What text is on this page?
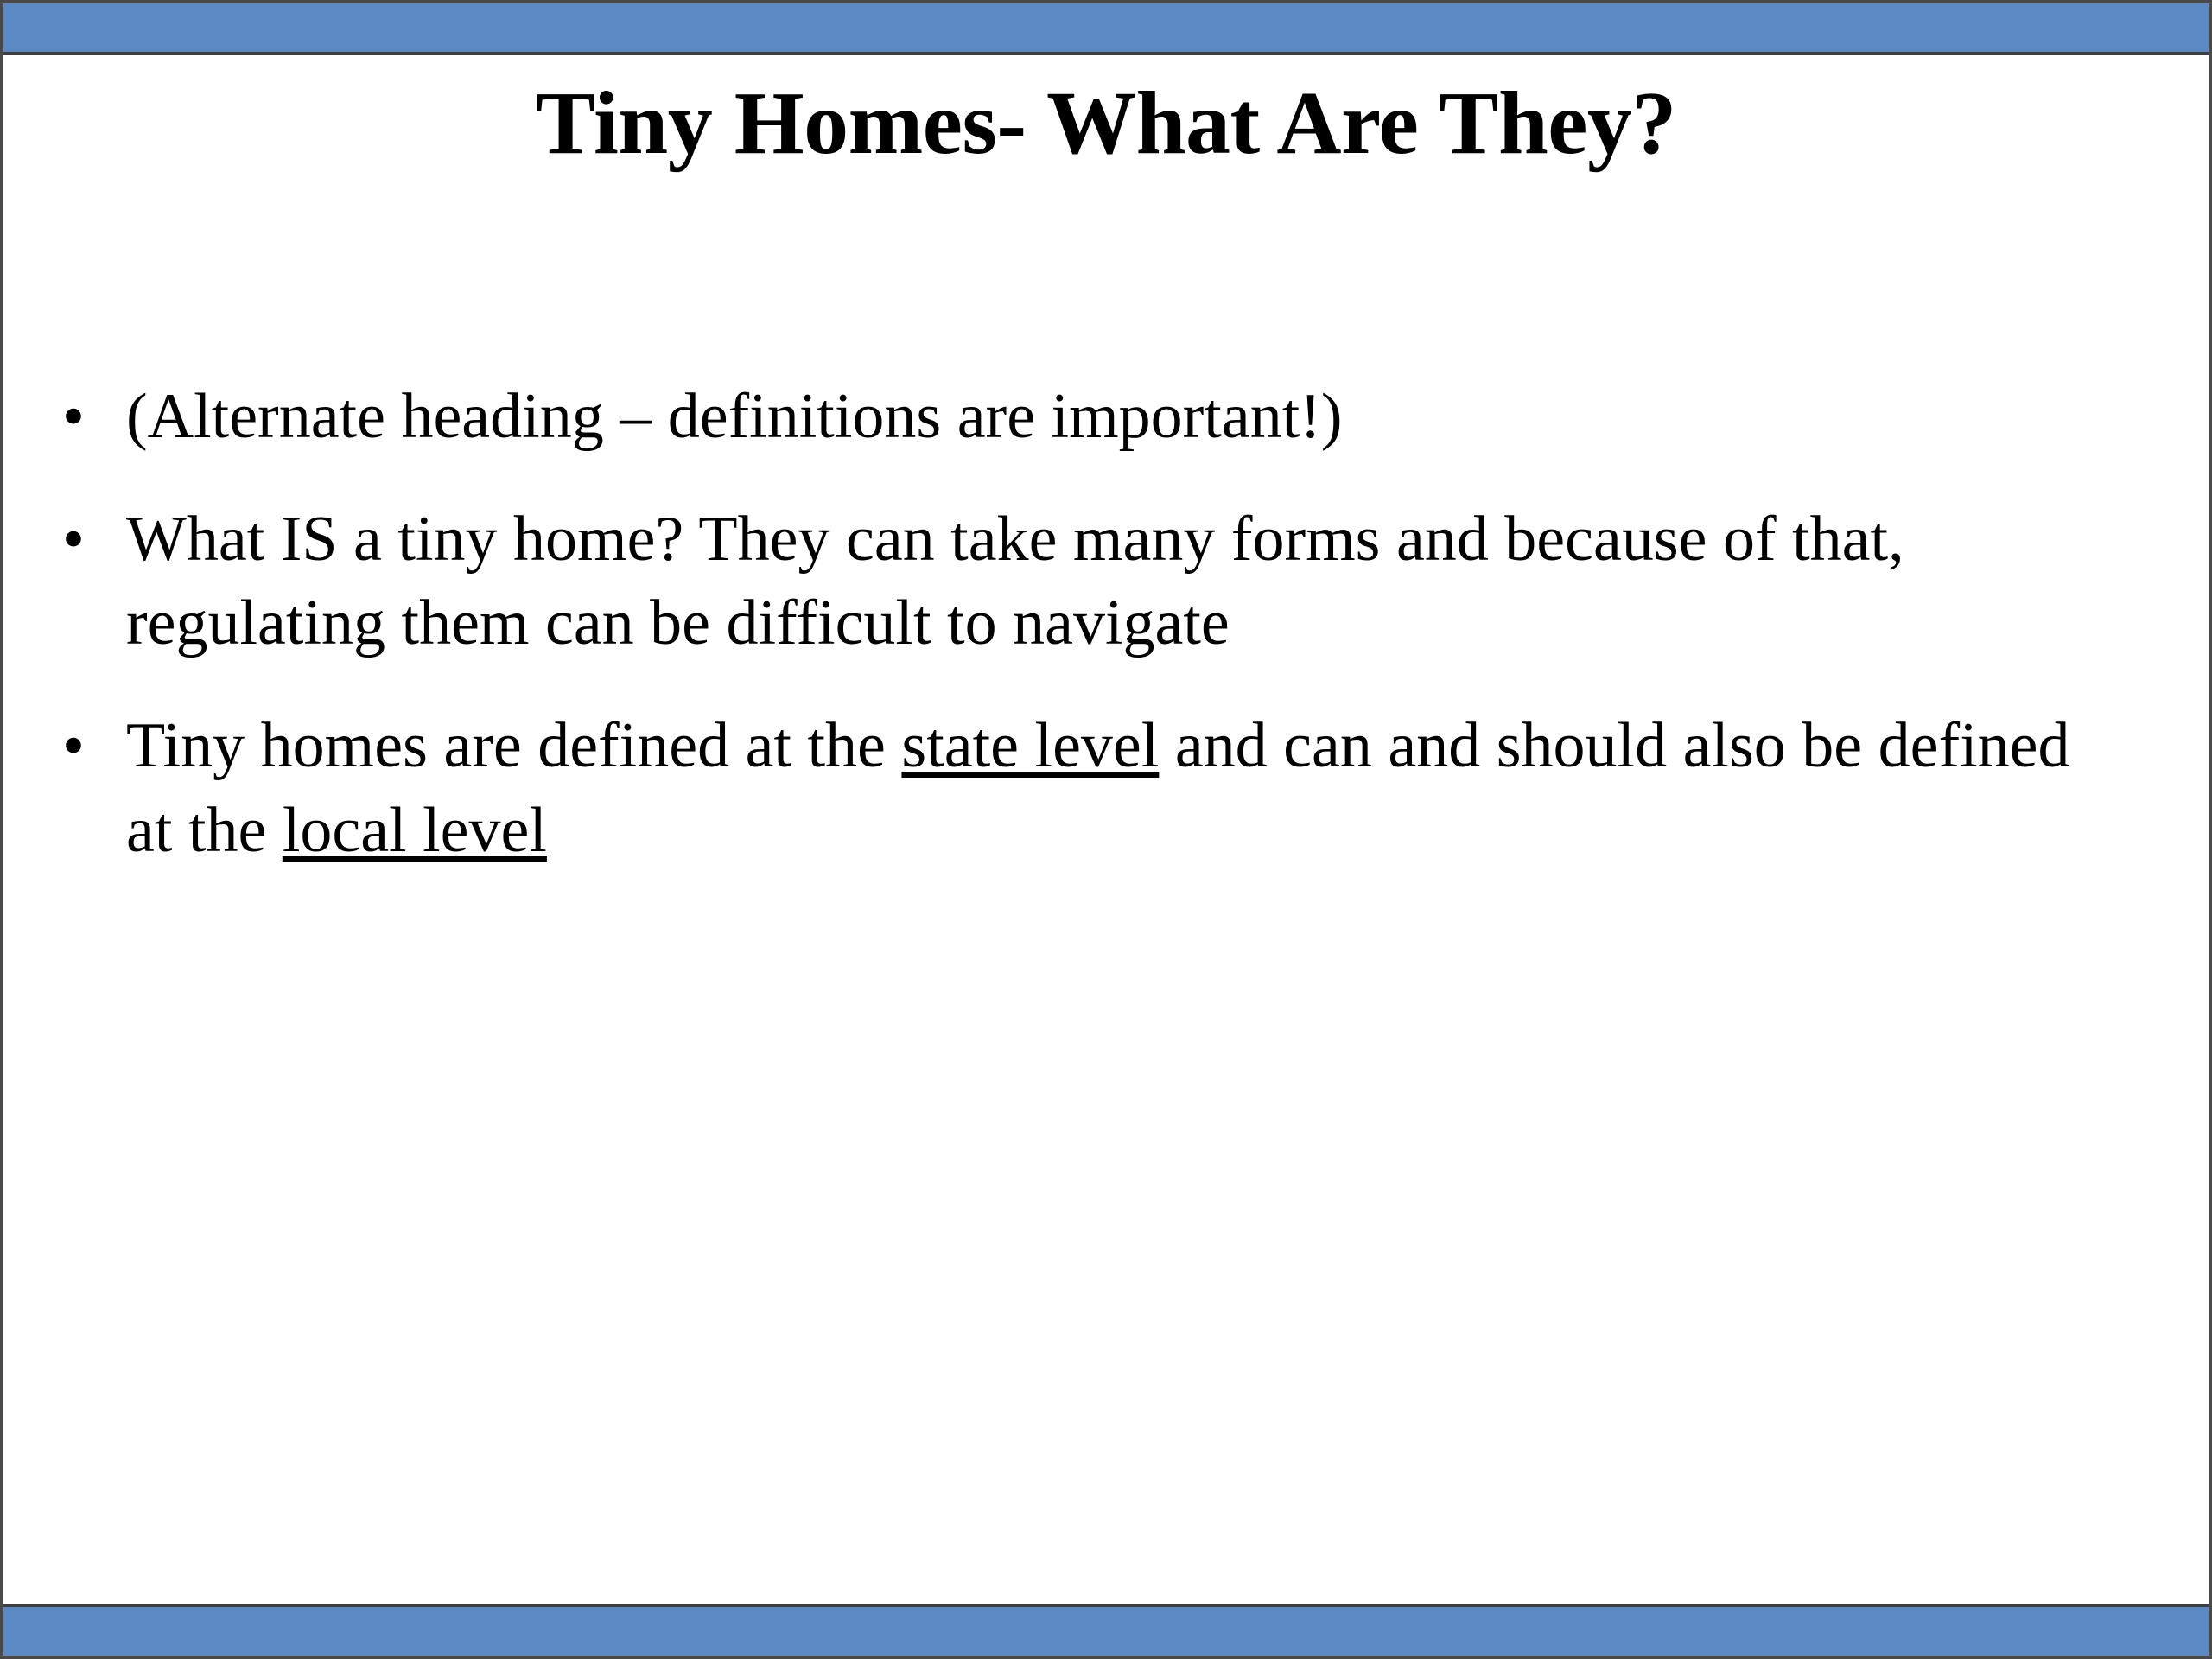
Tiny Homes- What Are They?
• (Alternate heading – definitions are important!)
• What IS a tiny home? They can take many forms and because of that, regulating them can be difficult to navigate
• Tiny homes are defined at the state level and can and should also be defined at the local level
